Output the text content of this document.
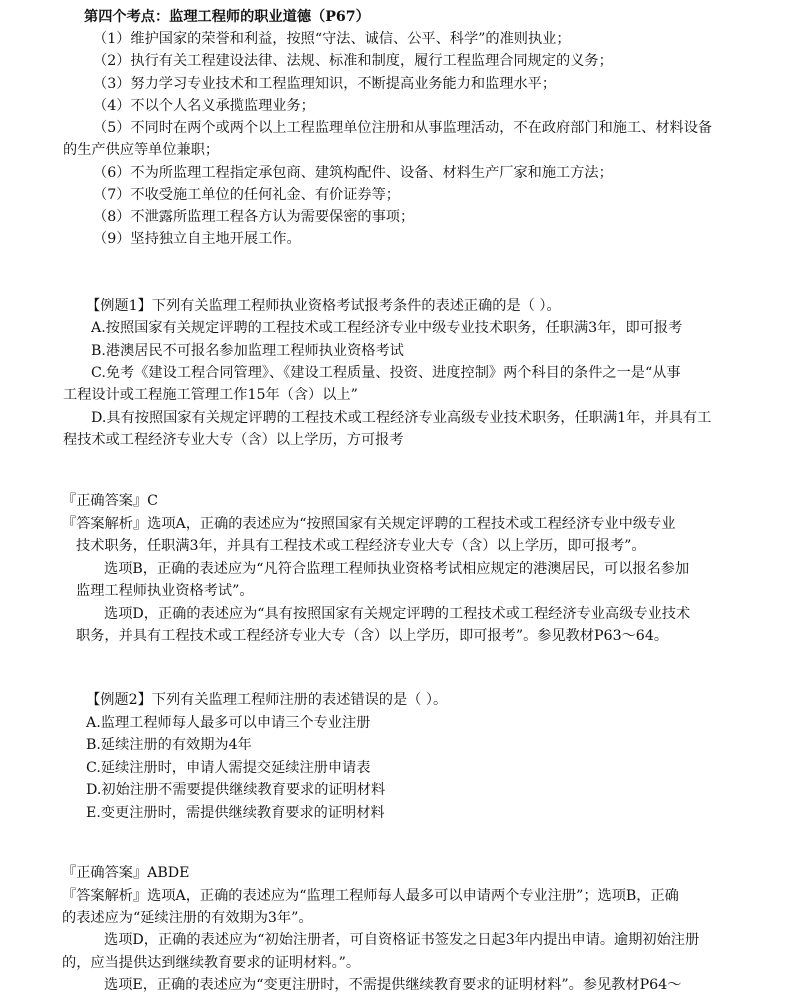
第四个考点：监理工程师的职业道德（P67）
（1）维护国家的荣誉和利益，按照“守法、诚信、公平、科学”的准则执业；
（2）执行有关工程建设法律、法规、标准和制度，履行工程监理合同规定的义务；
（3）努力学习专业技术和工程监理知识，不断提高业务能力和监理水平；
（4）不以个人名义承揽监理业务；
（5）不同时在两个或两个以上工程监理单位注册和从事监理活动，不在政府部门和施工、材料设备
的生产供应等单位兼职；
（6）不为所监理工程指定承包商、建筑构配件、设备、材料生产厂家和施工方法；
（7）不收受施工单位的任何礼金、有价证券等；
（8）不泄露所监理工程各方认为需要保密的事项；
（9）坚持独立自主地开展工作。
【例题1】下列有关监理工程师执业资格考试报考条件的表述正确的是（ ）。
A.按照国家有关规定评聘的工程技术或工程经济专业中级专业技术职务，任职满3年，即可报考
B.港澳居民不可报名参加监理工程师执业资格考试
C.免考《建设工程合同管理》、《建设工程质量、投资、进度控制》两个科目的条件之一是“从事
工程设计或工程施工管理工作15年（含）以上”
D.具有按照国家有关规定评聘的工程技术或工程经济专业高级专业技术职务，任职满1年，并具有工
程技术或工程经济专业大专（含）以上学历，方可报考
『正确答案』C
『答案解析』选项A，正确的表述应为“按照国家有关规定评聘的工程技术或工程经济专业中级专业
技术职务，任职满3年，并具有工程技术或工程经济专业大专（含）以上学历，即可报考”。
选项B，正确的表述应为“凡符合监理工程师执业资格考试相应规定的港澳居民，可以报名参加
监理工程师执业资格考试”。
选项D，正确的表述应为“具有按照国家有关规定评聘的工程技术或工程经济专业高级专业技术
职务，并具有工程技术或工程经济专业大专（含）以上学历，即可报考”。参见教材P63～64。
【例题2】下列有关监理工程师注册的表述错误的是（ ）。
A.监理工程师每人最多可以申请三个专业注册
B.延续注册的有效期为4年
C.延续注册时，申请人需提交延续注册申请表
D.初始注册不需要提供继续教育要求的证明材料
E.变更注册时，需提供继续教育要求的证明材料
『正确答案』ABDE
『答案解析』选项A，正确的表述应为“监理工程师每人最多可以申请两个专业注册”；选项B，正确
的表述应为“延续注册的有效期为3年”。
选项D，正确的表述应为“初始注册者，可自资格证书签发之日起3年内提出申请。逾期初始注册
的，应当提供达到继续教育要求的证明材料。”。
选项E，正确的表述应为“变更注册时，不需提供继续教育要求的证明材料”。参见教材P64～
